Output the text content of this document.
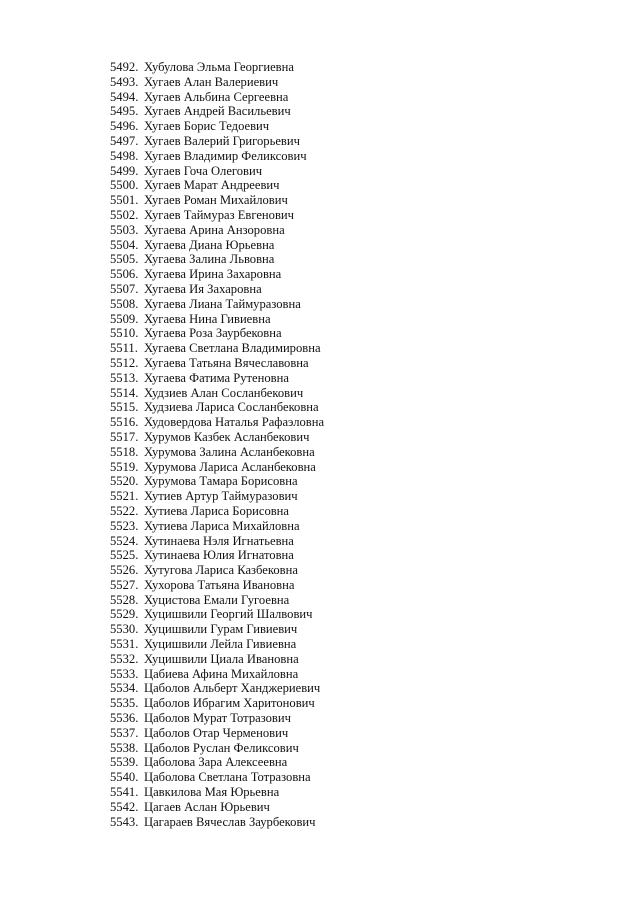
5492. Хубулова Эльма Георгиевна
5493. Хугаев Алан Валериевич
5494. Хугаев Альбина Сергеевна
5495. Хугаев Андрей Васильевич
5496. Хугаев Борис Тедоевич
5497. Хугаев Валерий Григорьевич
5498. Хугаев Владимир Феликсович
5499. Хугаев Гоча Олегович
5500. Хугаев Марат Андреевич
5501. Хугаев Роман Михайлович
5502. Хугаев Таймураз Евгенович
5503. Хугаева Арина Анзоровна
5504. Хугаева Диана Юрьевна
5505. Хугаева Залина Львовна
5506. Хугаева Ирина Захаровна
5507. Хугаева Ия Захаровна
5508. Хугаева Лиана Таймуразовна
5509. Хугаева Нина Гивиевна
5510. Хугаева Роза Заурбековна
5511. Хугаева Светлана Владимировна
5512. Хугаева Татьяна Вячеславовна
5513. Хугаева Фатима Рутеновна
5514. Худзиев Алан Сосланбекович
5515. Худзиева Лариса Сосланбековна
5516. Худовердова Наталья Рафаэловна
5517. Хурумов Казбек Асланбекович
5518. Хурумова Залина Асланбековна
5519. Хурумова Лариса Асланбековна
5520. Хурумова Тамара Борисовна
5521. Хутиев Артур Таймуразович
5522. Хутиева Лариса Борисовна
5523. Хутиева Лариса Михайловна
5524. Хутинаева Нэля Игнатьевна
5525. Хутинаева Юлия Игнатовна
5526. Хутугова Лариса Казбековна
5527. Хухорова Татьяна Ивановна
5528. Хуцистова Емали Гугоевна
5529. Хуцишвили Георгий Шалвович
5530. Хуцишвили Гурам Гивиевич
5531. Хуцишвили Лейла Гивиевна
5532. Хуцишвили Циала Ивановна
5533. Цабиева Афина Михайловна
5534. Цаболов Альберт Ханджериевич
5535. Цаболов Ибрагим Харитонович
5536. Цаболов Мурат Тотразович
5537. Цаболов Отар Черменович
5538. Цаболов Руслан Феликсович
5539. Цаболова Зара Алексеевна
5540. Цаболова Светлана Тотразовна
5541. Цавкилова Мая Юрьевна
5542. Цагаев Аслан Юрьевич
5543. Цагараев Вячеслав Заурбекович
